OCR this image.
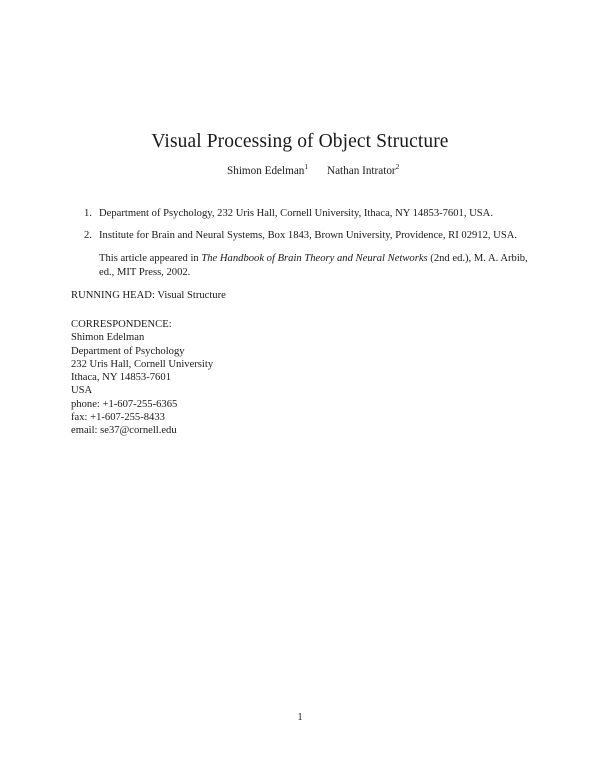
Visual Processing of Object Structure
Shimon Edelman$^1$ Nathan Intrator$^2$
1. Department of Psychology, 232 Uris Hall, Cornell University, Ithaca, NY 14853-7601, USA.
2. Institute for Brain and Neural Systems, Box 1843, Brown University, Providence, RI 02912, USA.
This article appeared in The Handbook of Brain Theory and Neural Networks (2nd ed.), M. A. Arbib, ed., MIT Press, 2002.
RUNNING HEAD: Visual Structure
CORRESPONDENCE:
Shimon Edelman
Department of Psychology
232 Uris Hall, Cornell University
Ithaca, NY 14853-7601
USA
phone: +1-607-255-6365
fax: +1-607-255-8433
email: se37@cornell.edu
1
